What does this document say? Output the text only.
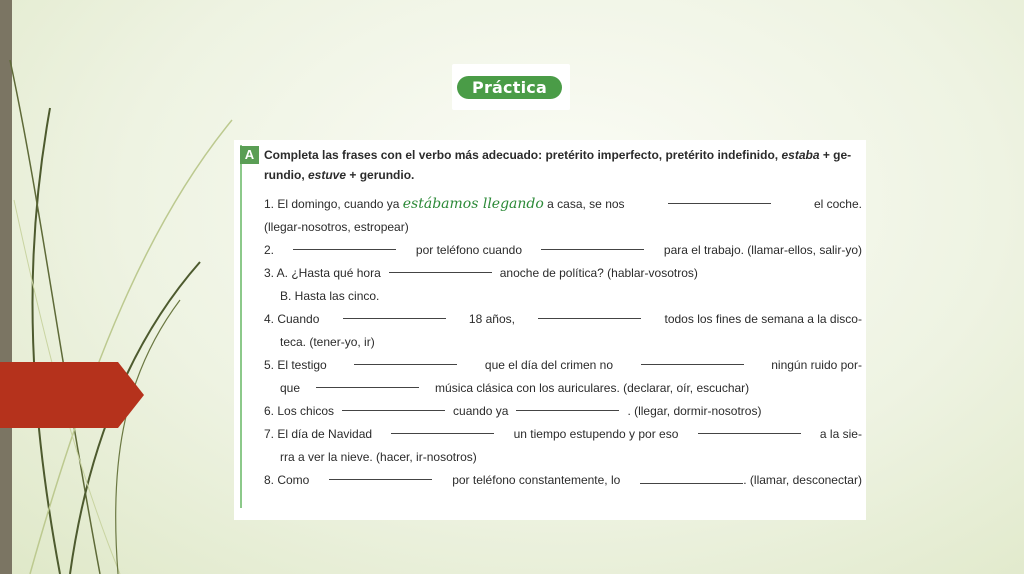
Práctica
A Completa las frases con el verbo más adecuado: pretérito imperfecto, pretérito indefinido, estaba + ge-
rundio, estuve + gerundio.
1. El domingo, cuando ya estábamos llegando a casa, se nos	el coche.
(llegar-nosotros, estropear)
2.	por teléfono cuando	para el trabajo. (llamar-ellos, salir-yo)
3. A. ¿Hasta qué hora	anoche de política? (hablar-vosotros)
B. Hasta las cinco.
4. Cuando	18 años,	todos los fines de semana a la disco-
teca. (tener-yo, ir)
5. El testigo	que el día del crimen no	ningún ruido por-
que	música clásica con los auriculares. (declarar, oír, escuchar)
6. Los chicos	cuando ya	. (llegar, dormir-nosotros)
7. El día de Navidad	un tiempo estupendo y por eso	a la sie-
rra a ver la nieve. (hacer, ir-nosotros)
8. Como	por teléfono constantemente, lo	. (llamar, desconectar)
